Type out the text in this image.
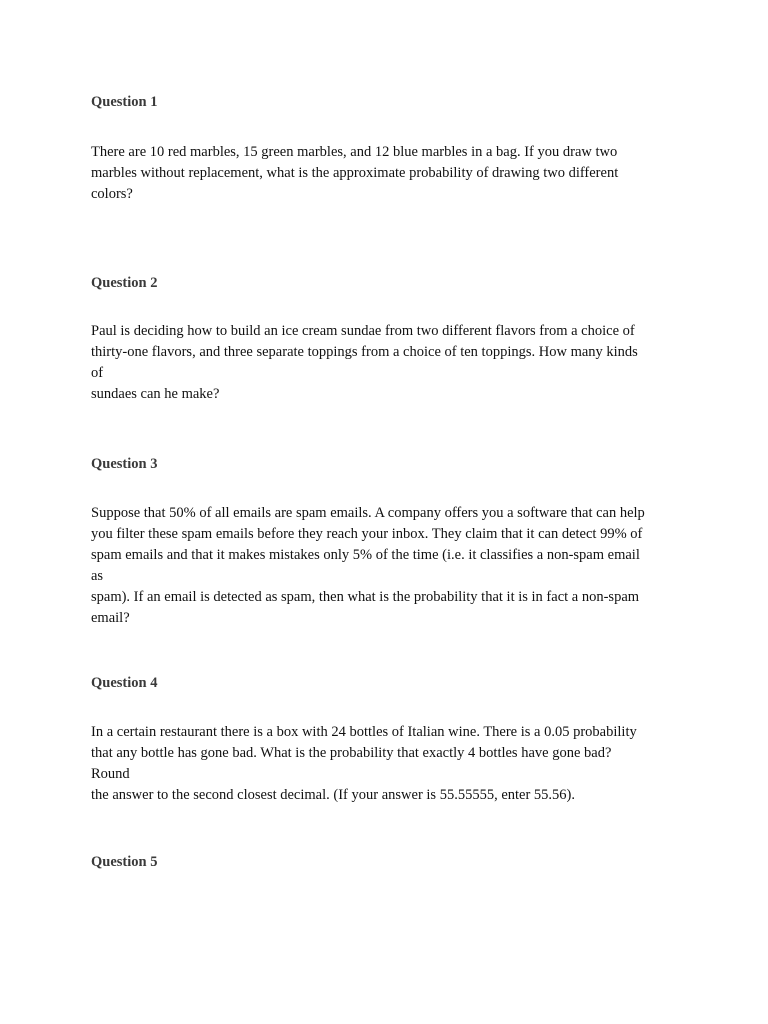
Question 1
There are 10 red marbles, 15 green marbles, and 12 blue marbles in a bag. If you draw two
marbles without replacement, what is the approximate probability of drawing two different
colors?
Question 2
Paul is deciding how to build an ice cream sundae from two different flavors from a choice of
thirty-one flavors, and three separate toppings from a choice of ten toppings. How many kinds of
sundaes can he make?
Question 3
Suppose that 50% of all emails are spam emails. A company offers you a software that can help
you filter these spam emails before they reach your inbox. They claim that it can detect 99% of
spam emails and that it makes mistakes only 5% of the time (i.e. it classifies a non-spam email as
spam). If an email is detected as spam, then what is the probability that it is in fact a non-spam
email?
Question 4
In a certain restaurant there is a box with 24 bottles of Italian wine. There is a 0.05 probability
that any bottle has gone bad. What is the probability that exactly 4 bottles have gone bad? Round
the answer to the second closest decimal. (If your answer is 55.55555, enter 55.56).
Question 5
